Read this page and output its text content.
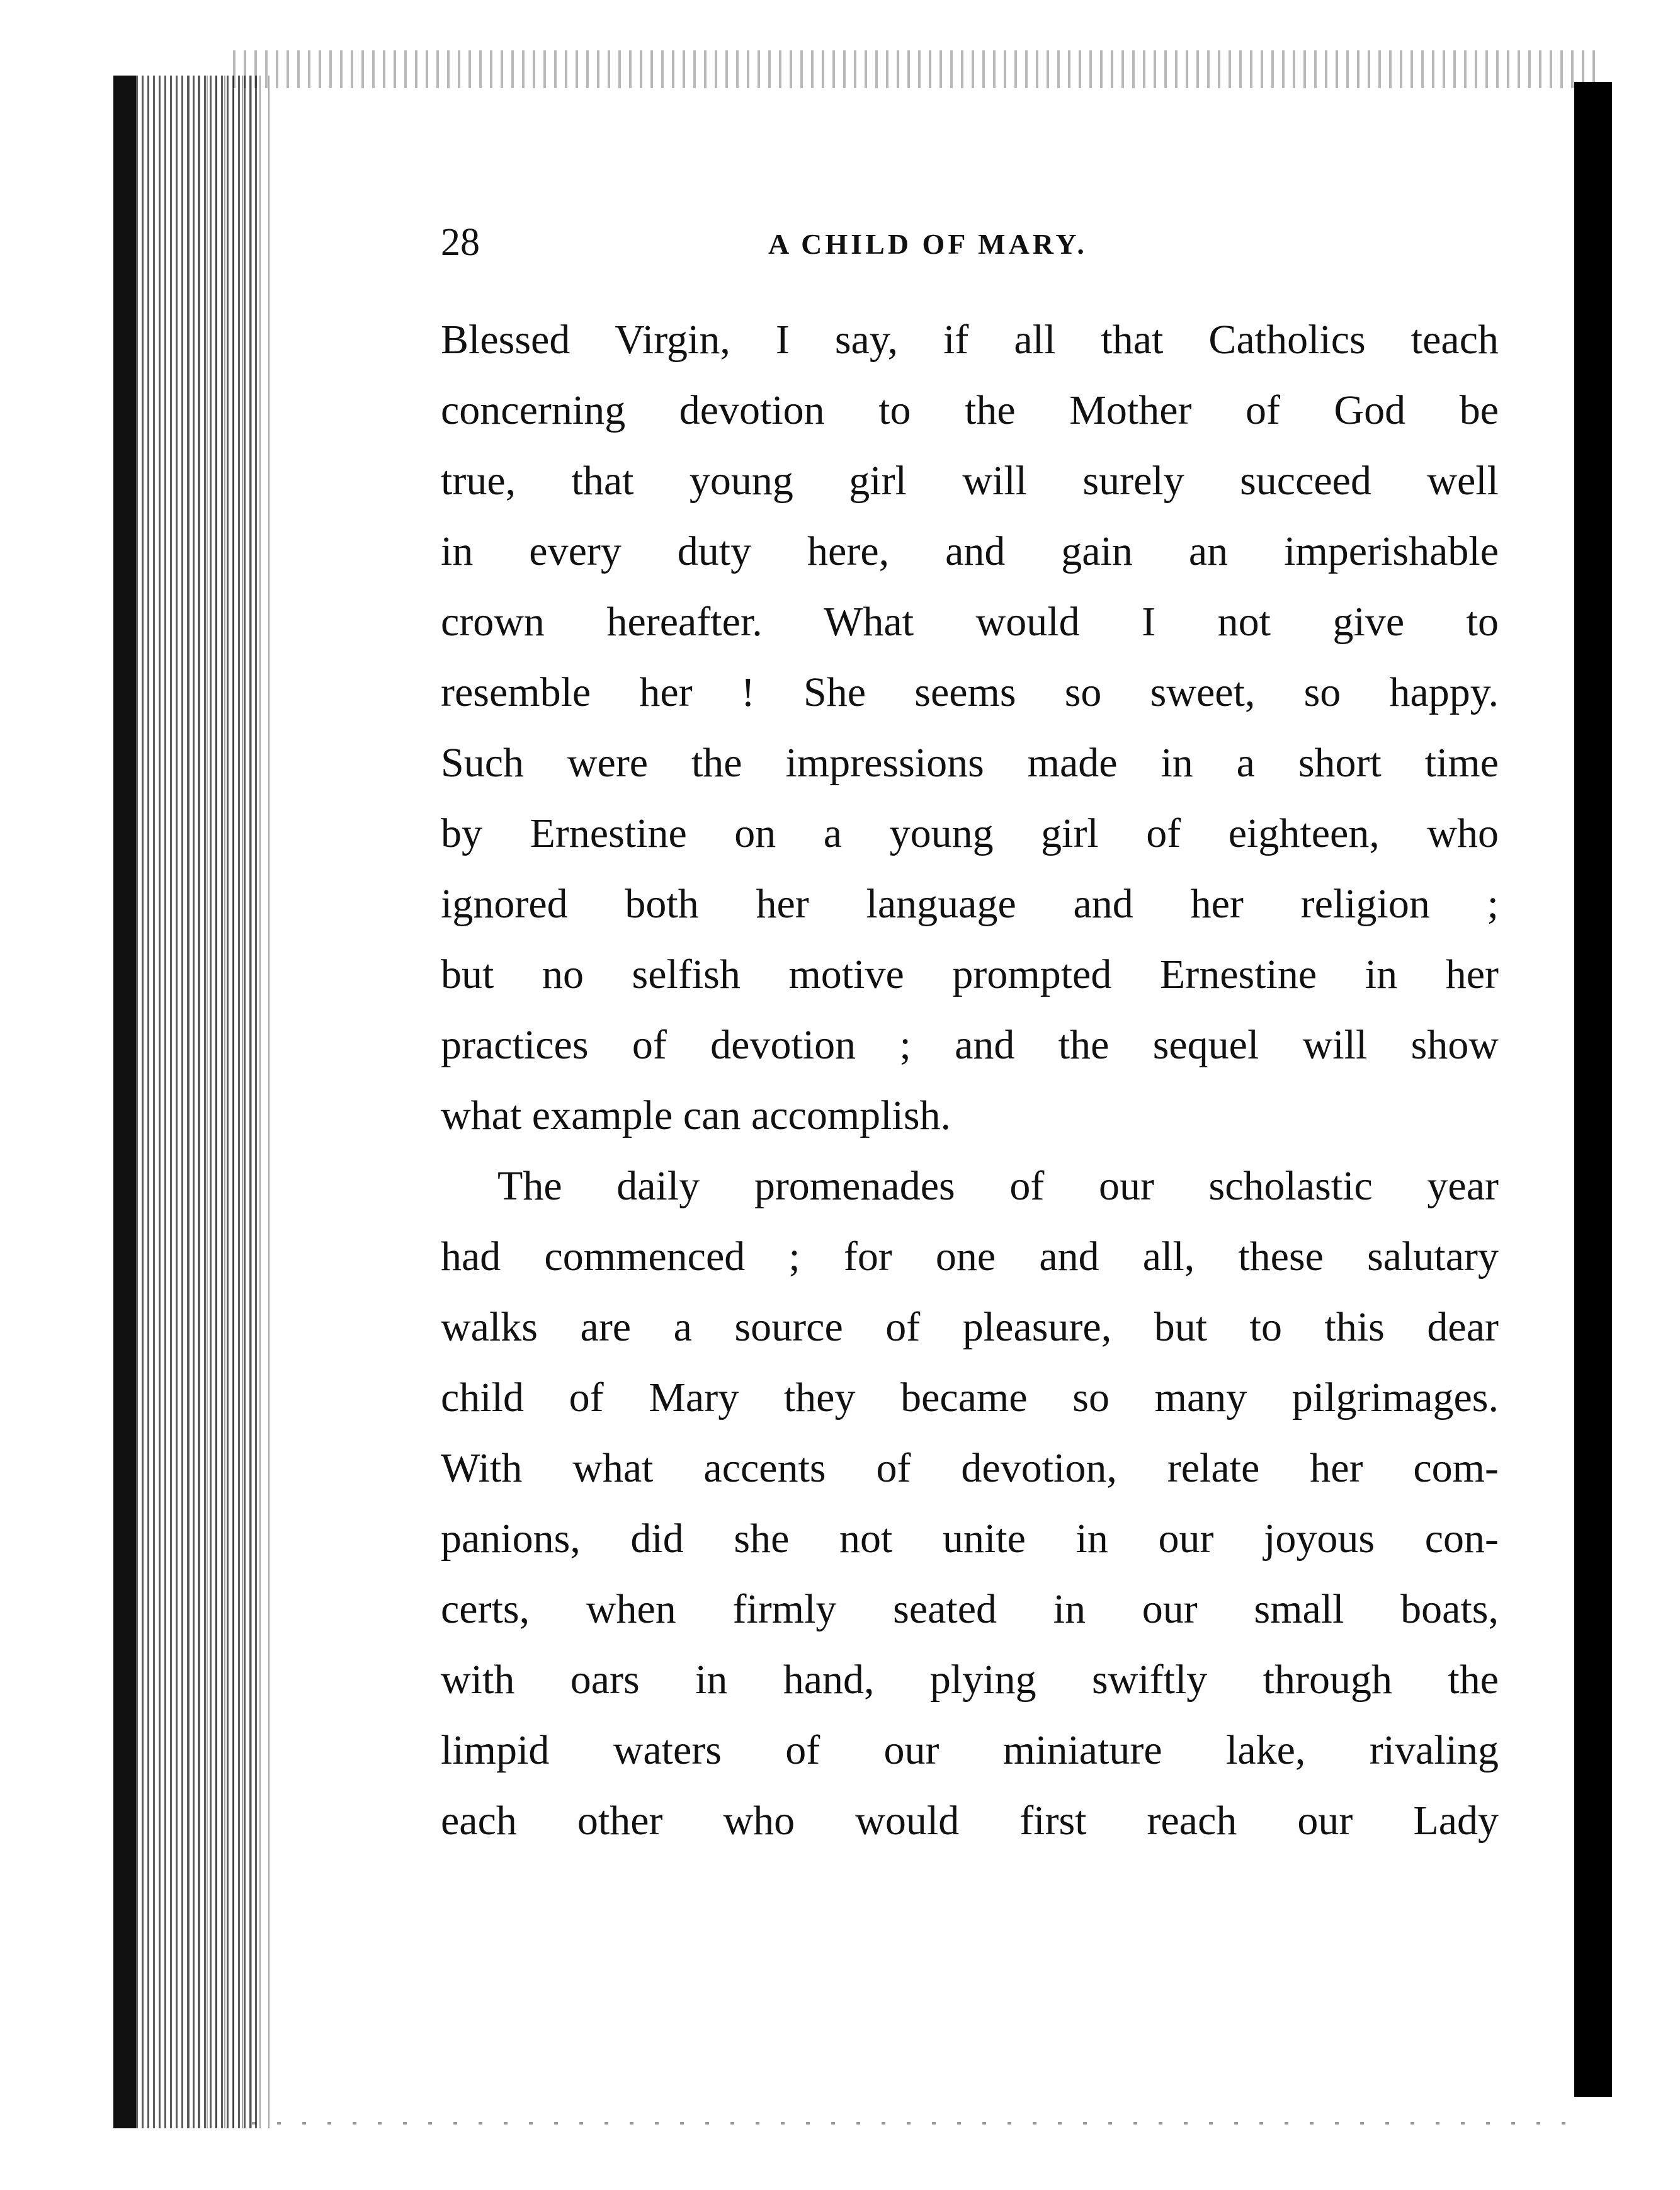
28	A CHILD OF MARY.
Blessed Virgin, I say, if all that Catholics teach
concerning devotion to the Mother of God be
true, that young girl will surely succeed well
in every duty here, and gain an imperishable
crown hereafter. What would I not give to
resemble her ! She seems so sweet, so happy.
Such were the impressions made in a short time
by Ernestine on a young girl of eighteen, who
ignored both her language and her religion ;
but no selfish motive prompted Ernestine in her
practices of devotion ; and the sequel will show
what example can accomplish.
The daily promenades of our scholastic year
had commenced ; for one and all, these salutary
walks are a source of pleasure, but to this dear
child of Mary they became so many pilgrimages.
With what accents of devotion, relate her com-
panions, did she not unite in our joyous con-
certs, when firmly seated in our small boats,
with oars in hand, plying swiftly through the
limpid waters of our miniature lake, rivaling
each other who would first reach our Lady
